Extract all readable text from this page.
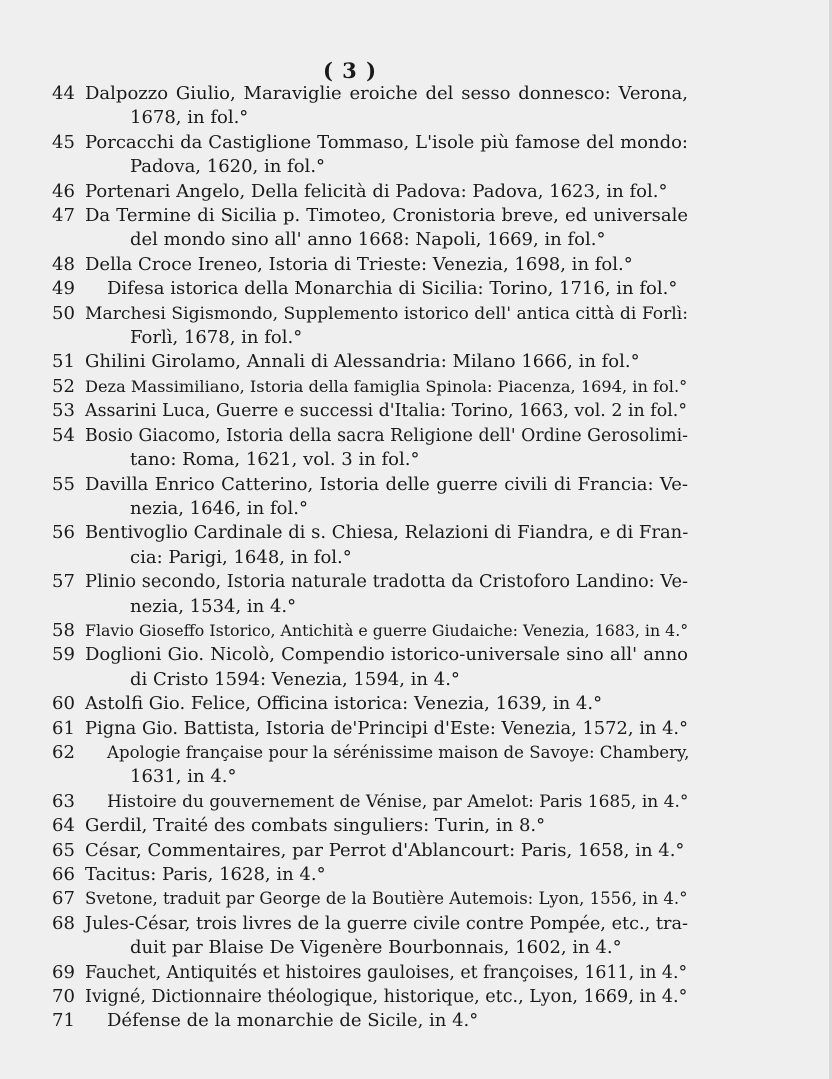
( 3 )
44 Dalpozzo Giulio, Maraviglie eroiche del sesso donnesco: Verona,
1678, in fol.°
45 Porcacchi da Castiglione Tommaso, L'isole più famose del mondo:
Padova, 1620, in fol.°
46 Portenari Angelo, Della felicità di Padova: Padova, 1623, in fol.°
47 Da Termine di Sicilia p. Timoteo, Cronistoria breve, ed universale
del mondo sino all' anno 1668: Napoli, 1669, in fol.°
48 Della Croce Ireneo, Istoria di Trieste: Venezia, 1698, in fol.°
49	Difesa istorica della Monarchia di Sicilia: Torino, 1716, in fol.°
50 Marchesi Sigismondo, Supplemento istorico dell' antica città di Forlì:
Forlì, 1678, in fol.°
51 Ghilini Girolamo, Annali di Alessandria: Milano 1666, in fol.°
52 Deza Massimiliano, Istoria della famiglia Spinola: Piacenza, 1694, in fol.°
53 Assarini Luca, Guerre e successi d'Italia: Torino, 1663, vol. 2 in fol.°
54 Bosio Giacomo, Istoria della sacra Religione dell' Ordine Gerosolimi-
tano: Roma, 1621, vol. 3 in fol.°
55 Davilla Enrico Catterino, Istoria delle guerre civili di Francia: Ve-
nezia, 1646, in fol.°
56 Bentivoglio Cardinale di s. Chiesa, Relazioni di Fiandra, e di Fran-
cia: Parigi, 1648, in fol.°
57 Plinio secondo, Istoria naturale tradotta da Cristoforo Landino: Ve-
nezia, 1534, in 4.°
58 Flavio Gioseffo Istorico, Antichità e guerre Giudaiche: Venezia, 1683, in 4.°
59 Doglioni Gio. Nicolò, Compendio istorico-universale sino all' anno
di Cristo 1594: Venezia, 1594, in 4.°
60 Astolfi Gio. Felice, Officina istorica: Venezia, 1639, in 4.°
61 Pigna Gio. Battista, Istoria de'Principi d'Este: Venezia, 1572, in 4.°
62	Apologie française pour la sérénissime maison de Savoye: Chambery,
1631, in 4.°
63	Histoire du gouvernement de Vénise, par Amelot: Paris 1685, in 4.°
64 Gerdil, Traité des combats singuliers: Turin, in 8.°
65 César, Commentaires, par Perrot d'Ablancourt: Paris, 1658, in 4.°
66 Tacitus: Paris, 1628, in 4.°
67 Svetone, traduit par George de la Boutière Autemois: Lyon, 1556, in 4.°
68 Jules-César, trois livres de la guerre civile contre Pompée, etc., tra-
duit par Blaise De Vigenère Bourbonnais, 1602, in 4.°
69 Fauchet, Antiquités et histoires gauloises, et françoises, 1611, in 4.°
70 Ivigné, Dictionnaire théologique, historique, etc., Lyon, 1669, in 4.°
71	Défense de la monarchie de Sicile, in 4.°
